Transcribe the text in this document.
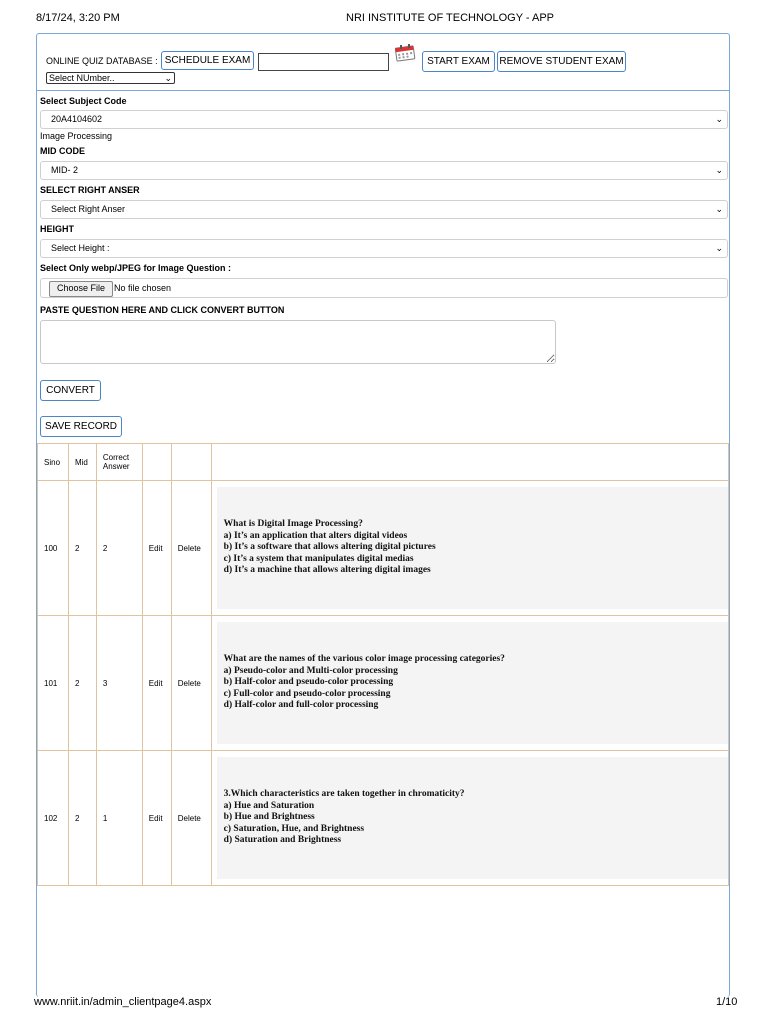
8/17/24, 3:20 PM	NRI INSTITUTE OF TECHNOLOGY - APP
ONLINE QUIZ DATABASE : SCHEDULE EXAM	START EXAM REMOVE STUDENT EXAM
Select NUmber..	⌄
Select Subject Code
20A4104602	⌄
Image Processing
MID CODE
MID- 2	⌄
SELECT RIGHT ANSER
Select Right Anser	⌄
HEIGHT
Select Height :	⌄
Select Only webp/JPEG for Image Question :
Choose File No file chosen
PASTE QUESTION HERE AND CLICK CONVERT BUTTON
CONVERT
SAVE RECORD
Sino	Mid	Correct
Answer			

100	2	2	Edit	Delete	What is Digital Image Processing?
a) It’s an application that alters digital videos
b) It’s a software that allows altering digital pictures
c) It’s a system that manipulates digital medias
d) It’s a machine that allows altering digital images

101	2	3	Edit	Delete	What are the names of the various color image processing categories?
a) Pseudo-color and Multi-color processing
b) Half-color and pseudo-color processing
c) Full-color and pseudo-color processing
d) Half-color and full-color processing

102	2	1	Edit	Delete	3.Which characteristics are taken together in chromaticity?
a) Hue and Saturation
b) Hue and Brightness
c) Saturation, Hue, and Brightness
d) Saturation and Brightness
www.nriit.in/admin_clientpage4.aspx	1/10
